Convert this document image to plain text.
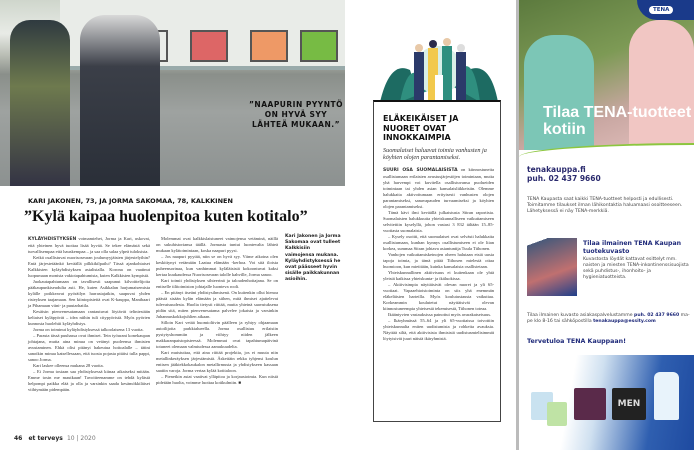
”NAAPURIN PYYNTÖ ON HYVÄ SYY LÄHTEÄ MUKAAN.”
KARI JAKONEN, 73, JA JORMA SAKOMAA, 78, KALKKINEN
”Kylä kaipaa huolenpitoa kuten kotitalo”

KYLÄYHDISTYKSEN voimamiehet, Jorma ja Kari, uskovat, että yhteinen hyvä tuottaa lisää hyvää. Se tekee elämästä sekä turvallisempaa että hauskempaa – ja saa olla salaa ylpeä tuloksista.

Ketkä osallistuvat nuorisoseuran joulumyyjäisten järjestelyihin? Entä järjestetäänkö keväällä pilkkikilpailu? Tässä ajankohtaiset Kalkkisten kyläyhdistyksen asialistalla. Korona on vaatinut luopumaan monista vakiotapahtumista, kuten Kalkkisten kympistä.

Juokautapahtumaan on tavallisesti saapunut kilvoittelijoita pääkaupunkiseudulta asti. He, kuten Asikkalan harjumaisemista kylälle poikkeavat pyöräilyn harrastajatkin, saapuvat yhden risteyksen taajamaan. Sen kiintopisteitä ovat K-kauppa, Manibaari ja Pihamaan viini- ja puutarhatila.

Kesäisin pienvenesatamaan rantautuvat löytävät teliniestään keltaiset kyläpyörät – idea niihin tuli citypyöristä. Myös pyörien kunnosta huolehtii kyläyhdistys.

Jorma on toiminut kyläyhdistyksessä talkoolaisena 13 vuotta.

– Parasta tässä puuhassa ovat ihmiset. Tein työurani konekaupan johtajana, mutta aina minua on vetänyt puoleensa ihmisten avustaminen. Ehkä olisi pitänyt hakeutua hoitoalalle – tätini sanoikin minua katsellessaan, että tuosta pojasta pitäisi tulla pappi, sanoo Jorma.

Kari laskee olleensa mukana 28 vuotta.

– Ei Jorma tosiaan saa yhdistyksessä kiinaa aikaiseksi mitään. Emme tosin me mautkaan! Tavoitteenamme on tehdä kylästä helpompi paikka elää ja olla ja varsinkin saada kesämökkiläiset viihtymään pidempään.

Molemmat ovat kalkkislaistuneet vaimojensa vetäminä, näillä on sukuhistoriansa täällä. Jormasta tuntui luontevalta lähteä mukaan kylätoimintaan, koska naapuri pyysi.

– Jos naapuri pyytää, niin se on hyvä syy. Viime aikoina olen keskittynyt vetämään Laatua elämään -kerhoa. Voi sitä iloista puheensorinaa, kun vanhimmat kyläläisistä kokoontuvat kaksi kertaa kuukaudessa Nuorisoseuran talolle kahville, Jorma sanoo.

Kari toimii yhdistyksen sihteerinä ja taloudenhoitajana. Se on entiselle tilitoimiston johtajalle luonteva rooli.

– En pitänyt itseäni yhdistysihmisenä. On kuitenkin ollut hienoa päästä sisään kylän elämään ja siihen, mitä ihmiset ajattelevat tulevaisuudesta. Huolia tietysti riittää, mutta yhteinä saavutuksena pidän sitä, miten pienvenesatama palvelee jokaista ja varsinkin Juhannuskokkojuhlien aikaan.

Silloin Kari vetää huomioliivin päälleen ja ryhtyy ohjaamaan autoilijoita parkkialueella. Jorma osallistuu erilaisiin pystytyshommiin ja viihtyy niiden jälkeen makkaranpaistopisteessä. Molemmat ovat tapahtumapäivinä totuneet olemaan valmiudessa aamukuudelta.

Kari muistuttaa, että aina riittää projektia, jos ei muuta niin metallinkeräyksen järjestämistä. Äskettäin rekka tyhjensi koulun entisen jääkiekkokaukalon metallirmusta ja yhdistykseen kassaan saatiin varoja. Jorma vertaa kylää kotitaloon.

– Pienetkin asiat vaativat ylläpitoa ja korjaustoimia. Kun niistä pidetään huolta, voimme luottaa kotikulmiin. ■

Kari Jakonen ja Jorma Sakomaa ovat tulleet Kalkkisiin vaimojensa mukana. Kyläyhdistyksessä he ovat päässeet hyvin sisälle paikkakunnan asioihin.
46 et terveys 10 | 2020
ELÄKEIKÄISET JA NUORET OVAT INNOKKAIMPIA
Suomalaiset haluavat toimia vanhusten ja köyhien olojen parantamiseksi.

SUURI OSA SUOMALAISISTA on kiinnostuneita osallistumaan erilaisten avustusjärjestöjen toimintaan, mutta yhä harvempi voi kuvitella osallistuvansa puolueiden toimintaan tai yhden asian kansalaisliikkeisiin. Olemme halukkaita aktivoitumaan erityisesti vanhusten olojen parantamiseksi, sanavapauden turvaamiseksi ja köyhien olojen parantamiseksi.

Tämä kävi ilmi keväällä julkaistusta Sitran raportista. Suomalaisten halukkuutta yhteiskunnalliseen vaikuttamiseen selvitettiin kyselyllä, johon vastasi 3 832 iältään 15–85-vuotiasta suomalaista.

– Kysely osoitti, että suomalaiset ovat selvästi halukkaita osallistumaan, kunhan kynnys osallistumiseen ei ole liian korkea, summaa Sitran johtava asiantuntija Tuula Tiihonen.

Vanhojen vaikuttamiskeinojen oheen halutaan etsiä uusia tapoja toimia, ja tämä pitää Tiihosen mielestä ottaa huomioon, kun mietitään, kuinka kansalaisia osallistetaan.

Yhteiskunnallinen aktiivisuus ei kuitenkaan ole yhtä yleistä kaikissa yhteiskunta- ja ikäluokissa.

– Aktiivisimpia näyttäisivät olevan nuoret ja yli 65-vuotiaat. Vapaaehtoistoiminta on siis yhä enemmän eläkeläisten harteilla. Myös koulutustausta vaikuttaa. Korkeammin koulutetut näyttäisivät olevan kiinnostuneempia yhteisestä tekemisestä, Tiihonen toteaa.

Ikääntyvien vastauksissa painottui myös avarakatseisuus.

– Ikäryhmässä 55–64 ja yli 65-vuotiaissa toivottiin yhteiskunnalta eniten uudistumista ja rohkeita avauksia. Näyttää siltä, että aktiivisista ihmisistä uudistusmielisimmät löytyisivät juuri näistä ikäryhmistä.

TENA
Tilaa TENA-tuotteet kotiin
tenakauppa.fi
puh. 02 437 9660
TENA Kaupasta saat kaikki TENA-tuotteet helposti ja edullisesti. Toimitamme tilaukset ilman lähikontaktia haluamaasi osoitteeseen. Lähetyksessä ei näy TENA-merkkiä.
Tilaa ilmainen TENA Kaupan tuotekuvasto
Kuvastosta löydät kattavat esittelyt mm. naisten ja miesten TENA-inkontinenssisuojista sekä puhdistus-, ihonhoito- ja hygieniatuotteista.
Tilaa ilmainen kuvasto asiakaspalvelustamme puh. 02 437 9660 ma-pe klo 8-16 tai sähköpostilla tenakauppa@essity.com
Tervetuloa TENA Kauppaan!
MEN
tenakauppa.fi
